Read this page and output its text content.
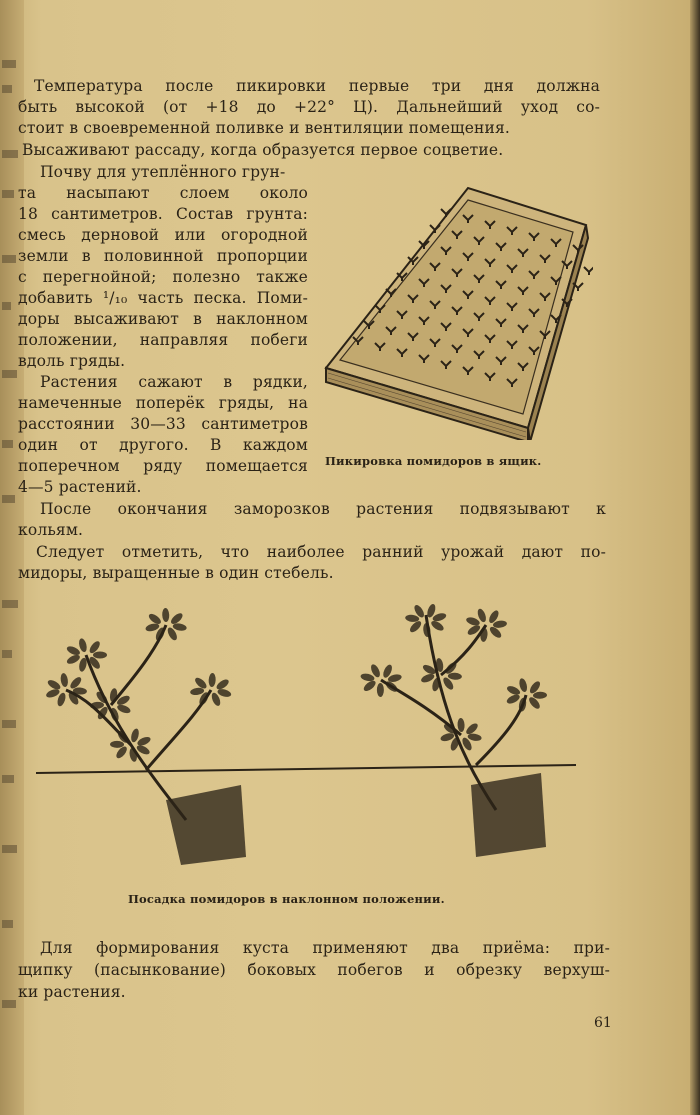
Температура после пикировки первые три дня должна
быть высокой (от +18 до +22° Ц). Дальнейший уход со-
стоит в своевременной поливке и вентиляции помещения.
Высаживают рассаду, когда образуется первое соцветие.
Почву для утеплённого грун-
та насыпают слоем около
18 сантиметров. Состав грунта:
смесь дерновой или огородной
земли в половинной пропорции
с перегнойной; полезно также
добавить ¹/₁₀ часть песка. Поми-
доры высаживают в наклонном
положении, направляя побеги
вдоль гряды.
Растения сажают в рядки,
намеченные поперёк гряды, на
расстоянии 30—33 сантиметров
один от другого. В каждом
поперечном ряду помещается
4—5 растений.
Пикировка помидоров в ящик.
После окончания заморозков растения подвязывают к
кольям.
Следует отметить, что наиболее ранний урожай дают по-
мидоры, выращенные в один стебель.
Посадка помидоров в наклонном положении.
Для формирования куста применяют два приёма: при-
щипку (пасынкование) боковых побегов и обрезку верхуш-
ки растения.
61
